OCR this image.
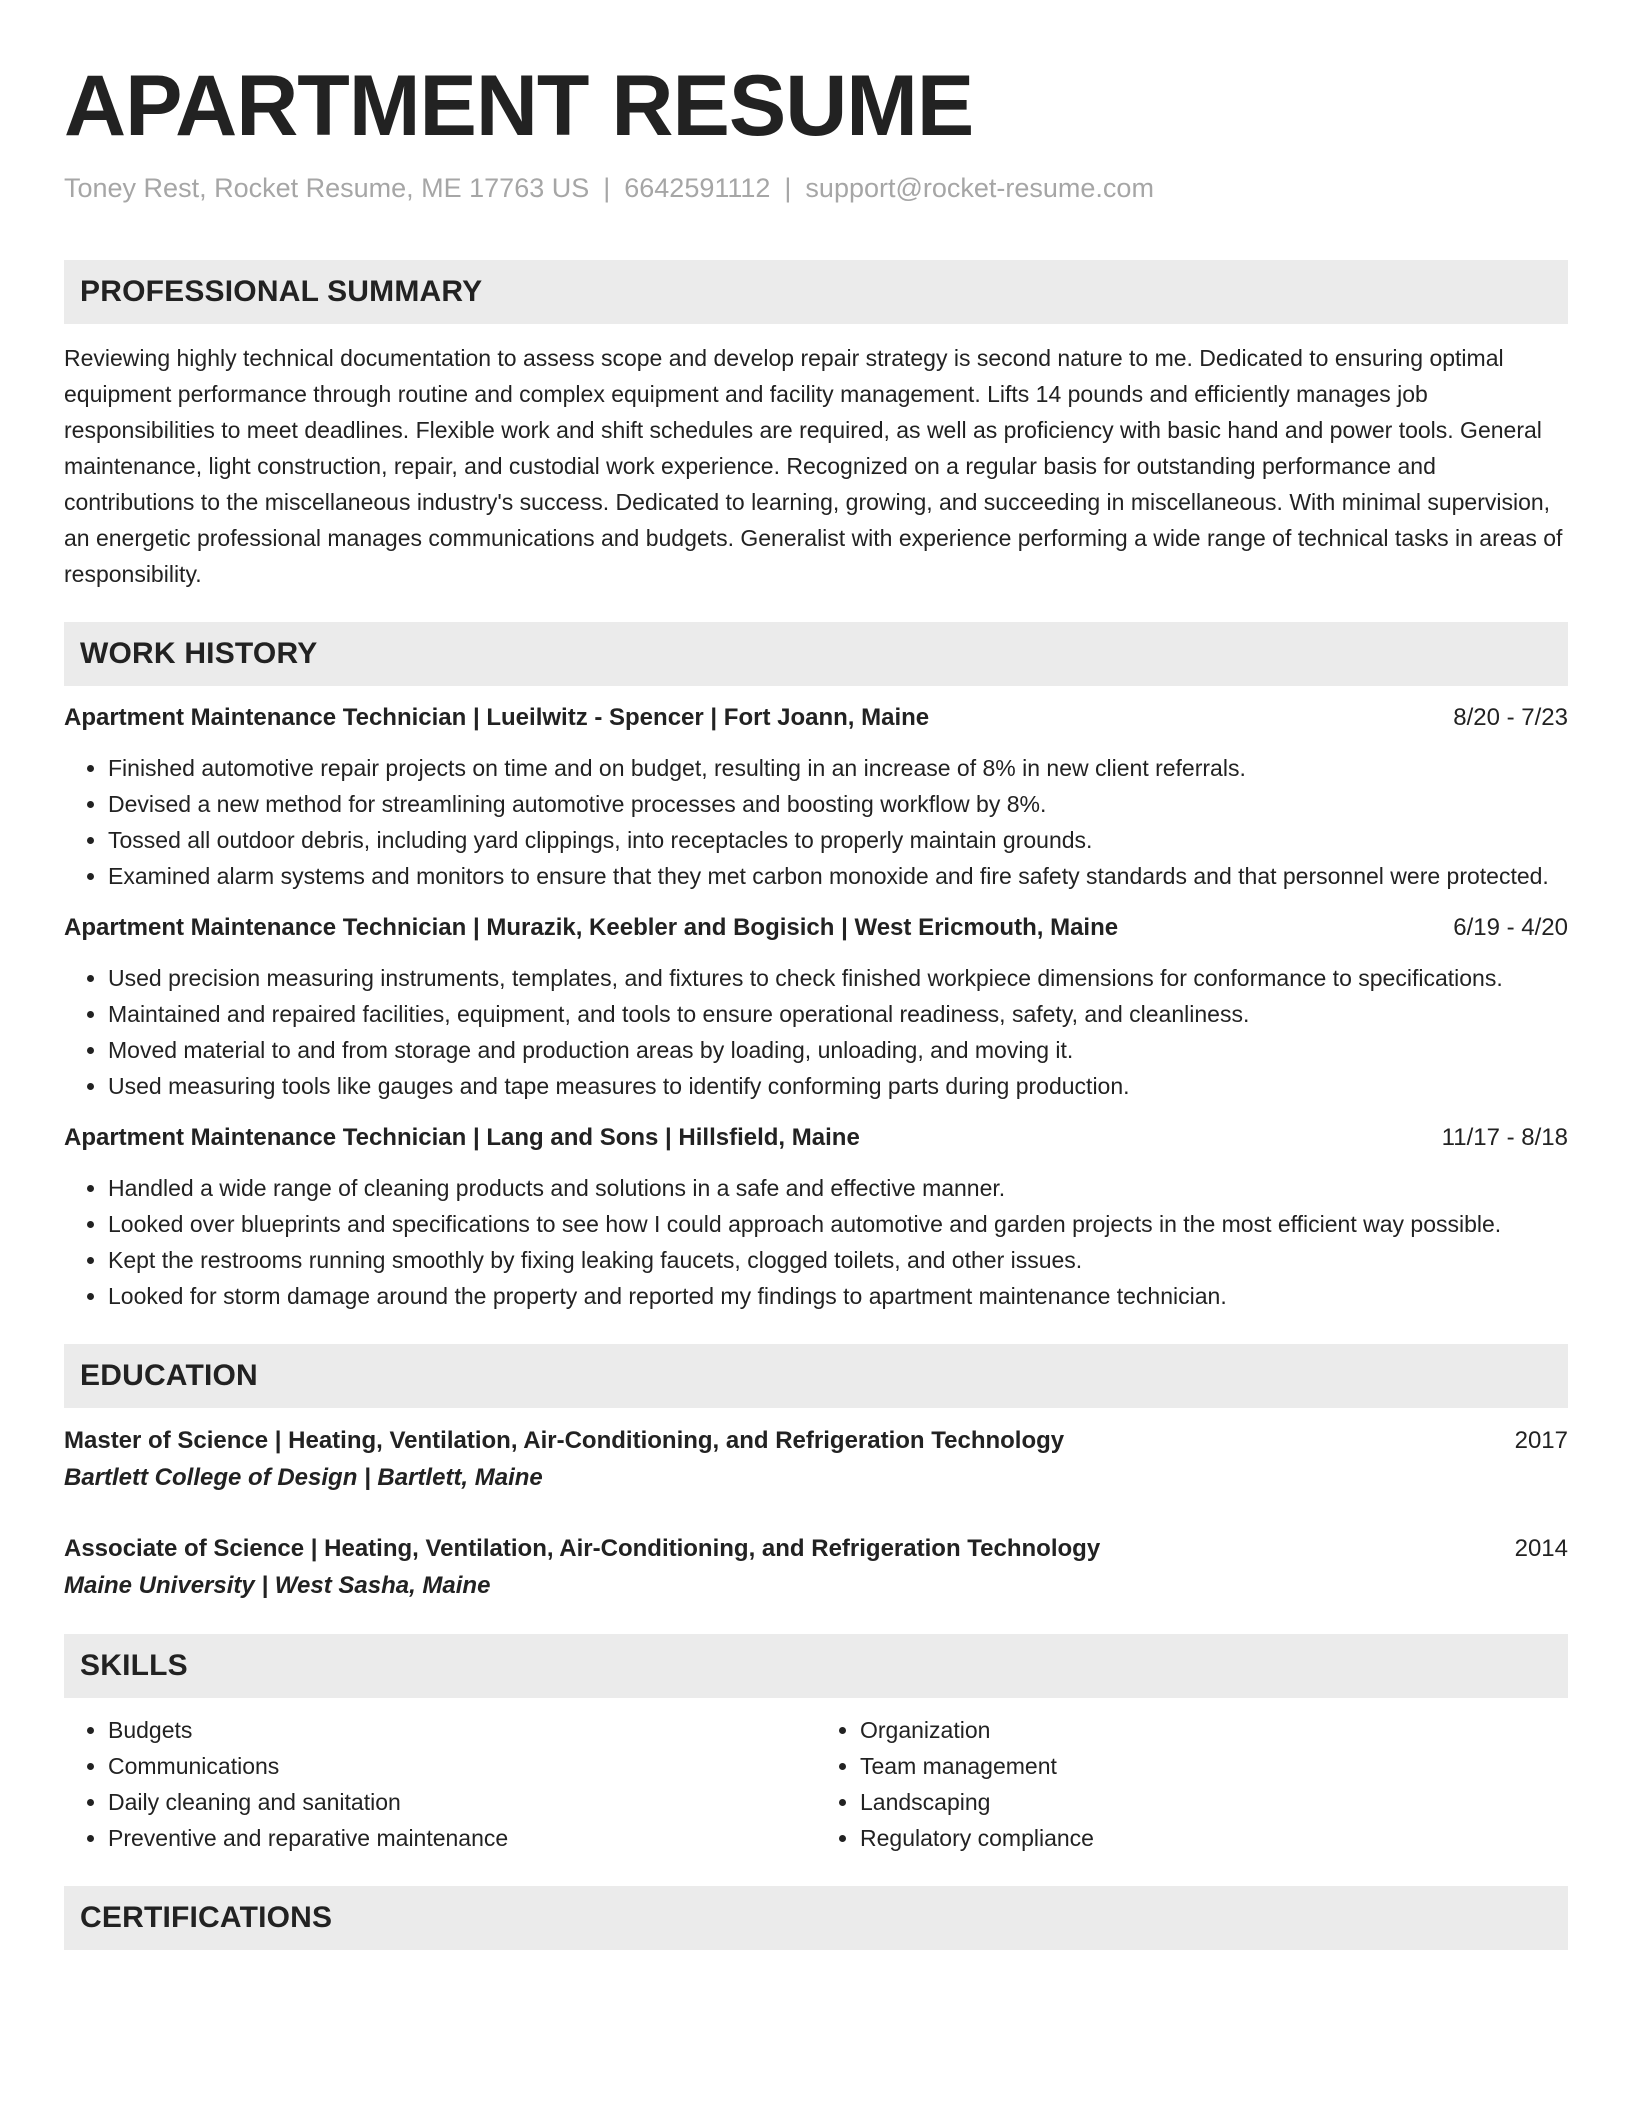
APARTMENT RESUME
Toney Rest, Rocket Resume, ME 17763 US | 6642591112 | support@rocket-resume.com
PROFESSIONAL SUMMARY

Reviewing highly technical documentation to assess scope and develop repair strategy is second nature to me. Dedicated to ensuring optimal equipment performance through routine and complex equipment and facility management. Lifts 14 pounds and efficiently manages job responsibilities to meet deadlines. Flexible work and shift schedules are required, as well as proficiency with basic hand and power tools. General maintenance, light construction, repair, and custodial work experience. Recognized on a regular basis for outstanding performance and contributions to the miscellaneous industry's success. Dedicated to learning, growing, and succeeding in miscellaneous. With minimal supervision, an energetic professional manages communications and budgets. Generalist with experience performing a wide range of technical tasks in areas of responsibility.

WORK HISTORY
Apartment Maintenance Technician | Lueilwitz - Spencer | Fort Joann, Maine	8/20 - 7/23
• Finished automotive repair projects on time and on budget, resulting in an increase of 8% in new client referrals.
• Devised a new method for streamlining automotive processes and boosting workflow by 8%.
• Tossed all outdoor debris, including yard clippings, into receptacles to properly maintain grounds.
• Examined alarm systems and monitors to ensure that they met carbon monoxide and fire safety standards and that personnel were protected.
Apartment Maintenance Technician | Murazik, Keebler and Bogisich | West Ericmouth, Maine	6/19 - 4/20
• Used precision measuring instruments, templates, and fixtures to check finished workpiece dimensions for conformance to specifications.
• Maintained and repaired facilities, equipment, and tools to ensure operational readiness, safety, and cleanliness.
• Moved material to and from storage and production areas by loading, unloading, and moving it.
• Used measuring tools like gauges and tape measures to identify conforming parts during production.
Apartment Maintenance Technician | Lang and Sons | Hillsfield, Maine	11/17 - 8/18
• Handled a wide range of cleaning products and solutions in a safe and effective manner.
• Looked over blueprints and specifications to see how I could approach automotive and garden projects in the most efficient way possible.
• Kept the restrooms running smoothly by fixing leaking faucets, clogged toilets, and other issues.
• Looked for storm damage around the property and reported my findings to apartment maintenance technician.
EDUCATION
Master of Science | Heating, Ventilation, Air-Conditioning, and Refrigeration Technology	2017
Bartlett College of Design | Bartlett, Maine
Associate of Science | Heating, Ventilation, Air-Conditioning, and Refrigeration Technology	2014
Maine University | West Sasha, Maine
SKILLS
• Budgets
• Communications
• Daily cleaning and sanitation
• Preventive and reparative maintenance
• Organization
• Team management
• Landscaping
• Regulatory compliance
CERTIFICATIONS
